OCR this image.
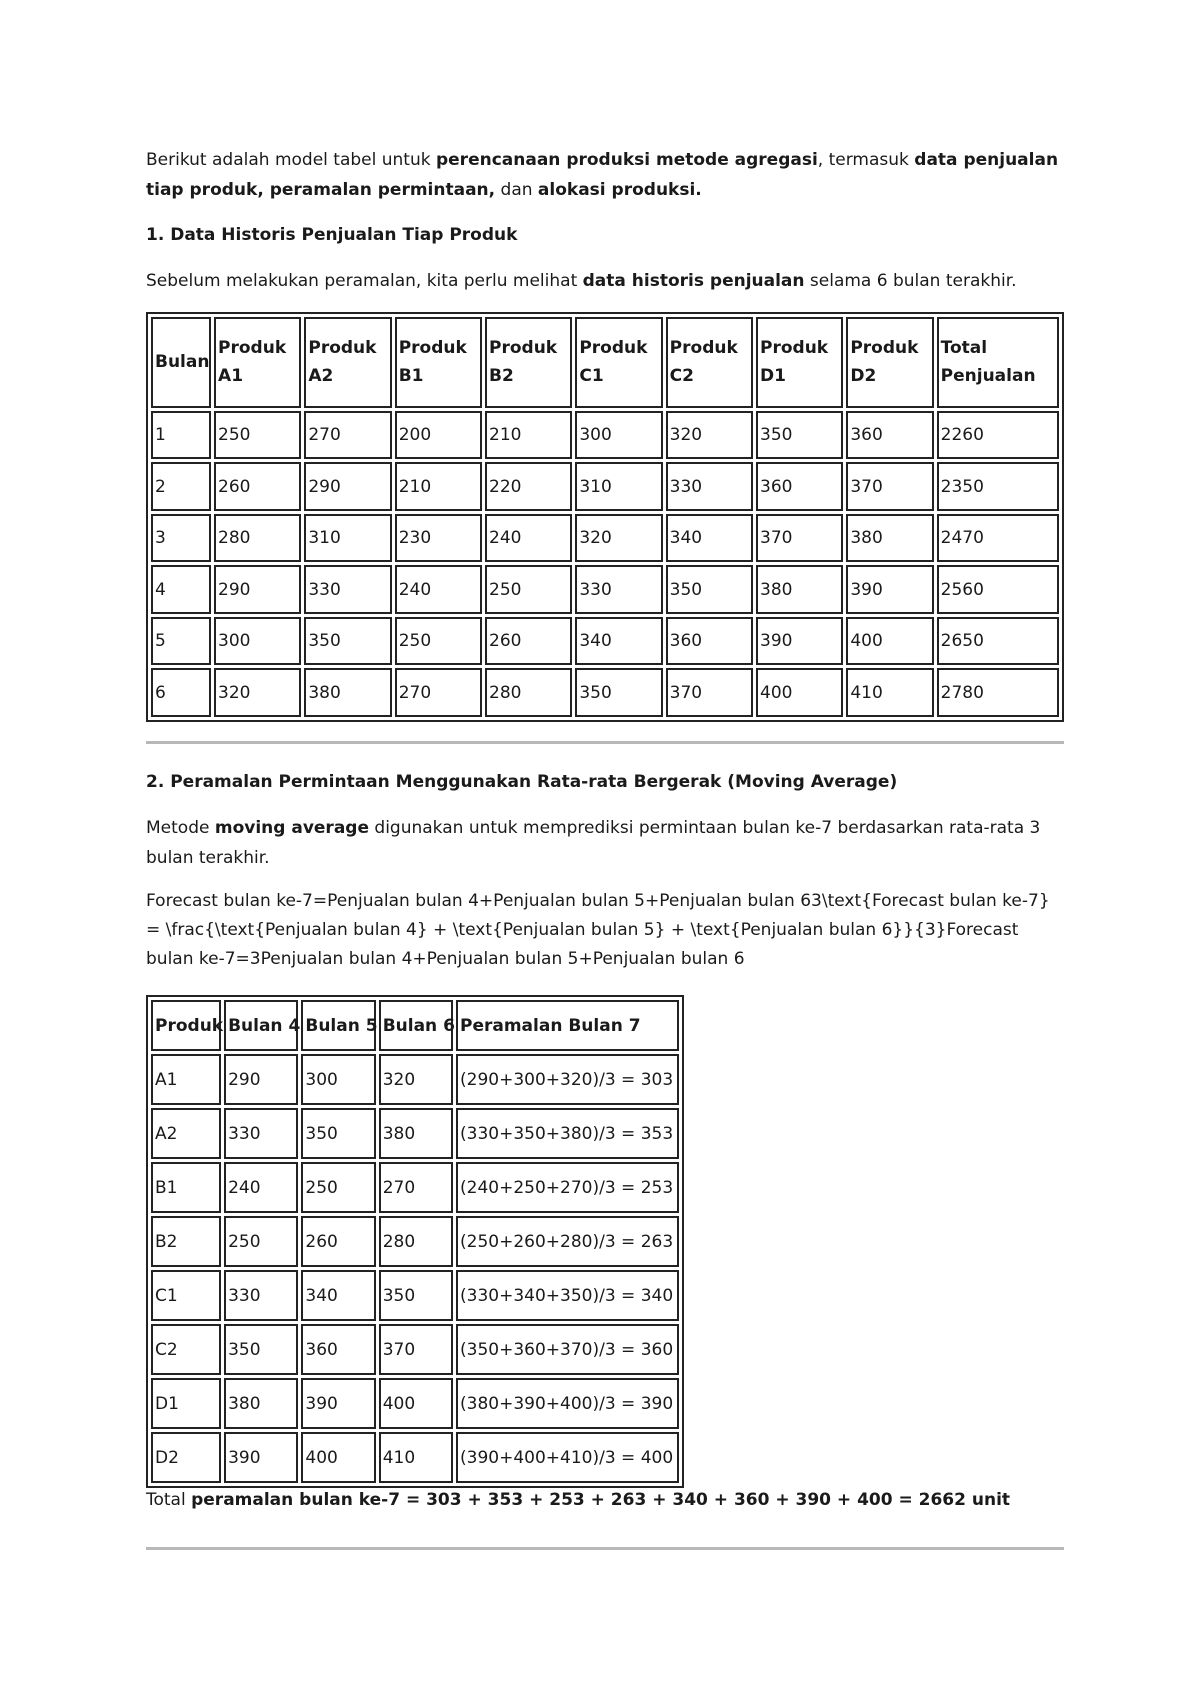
Berikut adalah model tabel untuk perencanaan produksi metode agregasi, termasuk data penjualan tiap produk, peramalan permintaan, dan alokasi produksi.

1. Data Historis Penjualan Tiap Produk

Sebelum melakukan peramalan, kita perlu melihat data historis penjualan selama 6 bulan terakhir.

Bulan	Produk A1	Produk A2	Produk B1	Produk B2	Produk C1	Produk C2	Produk D1	Produk D2	Total Penjualan
1	250	270	200	210	300	320	350	360	2260
2	260	290	210	220	310	330	360	370	2350
3	280	310	230	240	320	340	370	380	2470
4	290	330	240	250	330	350	380	390	2560
5	300	350	250	260	340	360	390	400	2650
6	320	380	270	280	350	370	400	410	2780

2. Peramalan Permintaan Menggunakan Rata-rata Bergerak (Moving Average)

Metode moving average digunakan untuk memprediksi permintaan bulan ke-7 berdasarkan rata-rata 3 bulan terakhir.

Forecast bulan ke-7=Penjualan bulan 4+Penjualan bulan 5+Penjualan bulan 63\text{Forecast bulan ke-7} = \frac{\text{Penjualan bulan 4} + \text{Penjualan bulan 5} + \text{Penjualan bulan 6}}{3}Forecast bulan ke-7=3Penjualan bulan 4+Penjualan bulan 5+Penjualan bulan 6

Produk	Bulan 4	Bulan 5	Bulan 6	Peramalan Bulan 7
A1	290	300	320	(290+300+320)/3 = 303
A2	330	350	380	(330+350+380)/3 = 353
B1	240	250	270	(240+250+270)/3 = 253
B2	250	260	280	(250+260+280)/3 = 263
C1	330	340	350	(330+340+350)/3 = 340
C2	350	360	370	(350+360+370)/3 = 360
D1	380	390	400	(380+390+400)/3 = 390
D2	390	400	410	(390+400+410)/3 = 400

Total peramalan bulan ke-7 = 303 + 353 + 253 + 263 + 340 + 360 + 390 + 400 = 2662 unit
